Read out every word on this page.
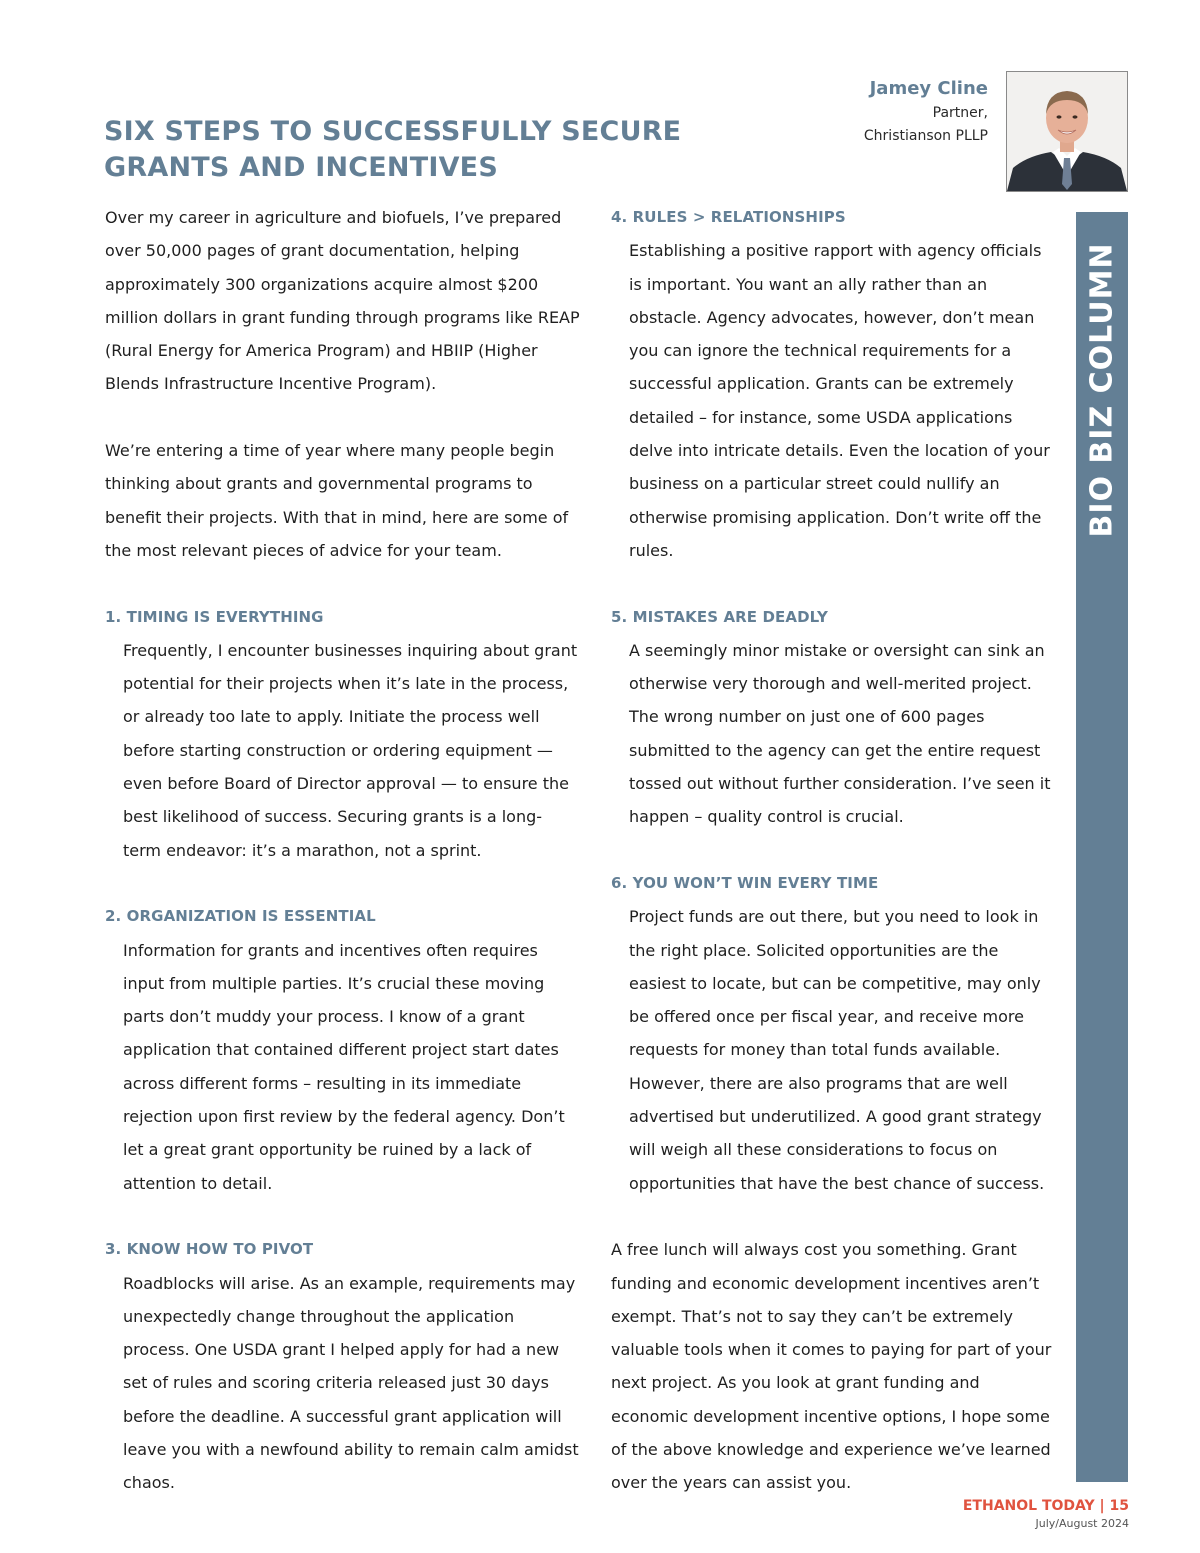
SIX STEPS TO SUCCESSFULLY SECURE
GRANTS AND INCENTIVES
Jamey Cline
Partner,
Christianson PLLP
BIO BIZ COLUMN

Over my career in agriculture and biofuels, I’ve prepared over 50,000 pages of grant documentation, helping approximately 300 organizations acquire almost $200 million dollars in grant funding through programs like REAP (Rural Energy for America Program) and HBIIP (Higher Blends Infrastructure Incentive Program).

We’re entering a time of year where many people begin thinking about grants and governmental programs to benefit their projects. With that in mind, here are some of the most relevant pieces of advice for your team.

1. TIMING IS EVERYTHING

Frequently, I encounter businesses inquiring about grant potential for their projects when it’s late in the process, or already too late to apply. Initiate the process well before starting construction or ordering equipment — even before Board of Director approval — to ensure the best likelihood of success. Securing grants is a long-term endeavor: it’s a marathon, not a sprint.

2. ORGANIZATION IS ESSENTIAL

Information for grants and incentives often requires input from multiple parties. It’s crucial these moving parts don’t muddy your process. I know of a grant application that contained different project start dates across different forms – resulting in its immediate rejection upon first review by the federal agency. Don’t let a great grant opportunity be ruined by a lack of attention to detail.

3. KNOW HOW TO PIVOT

Roadblocks will arise. As an example, requirements may unexpectedly change throughout the application process. One USDA grant I helped apply for had a new set of rules and scoring criteria released just 30 days before the deadline. A successful grant application will leave you with a newfound ability to remain calm amidst chaos.

4. RULES > RELATIONSHIPS

Establishing a positive rapport with agency officials is important. You want an ally rather than an obstacle. Agency advocates, however, don’t mean you can ignore the technical requirements for a successful application. Grants can be extremely detailed – for instance, some USDA applications delve into intricate details. Even the location of your business on a particular street could nullify an otherwise promising application. Don’t write off the rules.

5. MISTAKES ARE DEADLY

A seemingly minor mistake or oversight can sink an otherwise very thorough and well-merited project. The wrong number on just one of 600 pages submitted to the agency can get the entire request tossed out without further consideration. I’ve seen it happen – quality control is crucial.

6. YOU WON’T WIN EVERY TIME

Project funds are out there, but you need to look in the right place. Solicited opportunities are the easiest to locate, but can be competitive, may only be offered once per fiscal year, and receive more requests for money than total funds available. However, there are also programs that are well advertised but underutilized. A good grant strategy will weigh all these considerations to focus on opportunities that have the best chance of success.

A free lunch will always cost you something. Grant funding and economic development incentives aren’t exempt. That’s not to say they can’t be extremely valuable tools when it comes to paying for part of your next project. As you look at grant funding and economic development incentive options, I hope some of the above knowledge and experience we’ve learned over the years can assist you.

ETHANOL TODAY | 15
July/August 2024
